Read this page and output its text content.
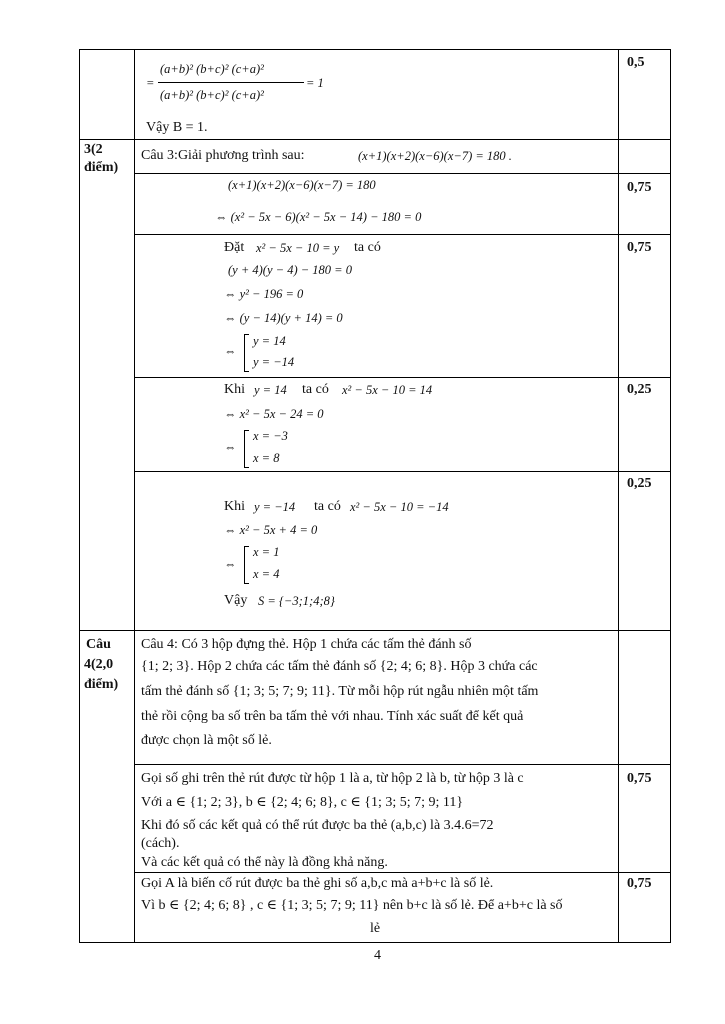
=
(a+b)² (b+c)² (c+a)²
(a+b)² (b+c)² (c+a)²
= 1
0,5
Vậy B = 1.
3(2
điểm)
Câu 3:Giải phương trình sau:	(x+1)(x+2)(x−6)(x−7) = 180 .
(x+1)(x+2)(x−6)(x−7) = 180
⇔ (x² − 5x − 6)(x² − 5x − 14) − 180 = 0
0,75
Đặt x² − 5x − 10 = y ta có
(y + 4)(y − 4) − 180 = 0
⇔ y² − 196 = 0
⇔ (y − 14)(y + 14) = 0
⇔
y = 14
y = −14
0,75
Khi y = 14 ta có x² − 5x − 10 = 14
⇔ x² − 5x − 24 = 0
⇔
x = −3
x = 8
0,25
0,25
Khi y = −14 ta có x² − 5x − 10 = −14
⇔ x² − 5x + 4 = 0
⇔
x = 1
x = 4
Vậy S = {−3;1;4;8}
Câu
4(2,0
điểm)
Câu 4: Có 3 hộp đựng thẻ. Hộp 1 chứa các tấm thẻ đánh số
{1; 2; 3}. Hộp 2 chứa các tấm thẻ đánh số {2; 4; 6; 8}. Hộp 3 chứa các
tấm thẻ đánh số {1; 3; 5; 7; 9; 11}. Từ mỗi hộp rút ngẫu nhiên một tấm
thẻ rồi cộng ba số trên ba tấm thẻ với nhau. Tính xác suất để kết quả
được chọn là một số lẻ.
Gọi số ghi trên thẻ rút được từ hộp 1 là a, từ hộp 2 là b, từ hộp 3 là c
Với a ∈ {1; 2; 3}, b ∈ {2; 4; 6; 8}, c ∈ {1; 3; 5; 7; 9; 11}
Khi đó số các kết quả có thể rút được ba thẻ (a,b,c) là 3.4.6=72
(cách).
Và các kết quả có thể này là đồng khả năng.
0,75
Gọi A là biến cố rút được ba thẻ ghi số a,b,c mà a+b+c là số lẻ.
Vì b ∈ {2; 4; 6; 8} , c ∈ {1; 3; 5; 7; 9; 11} nên b+c là số lẻ. Để a+b+c là số
lẻ
0,75
4
